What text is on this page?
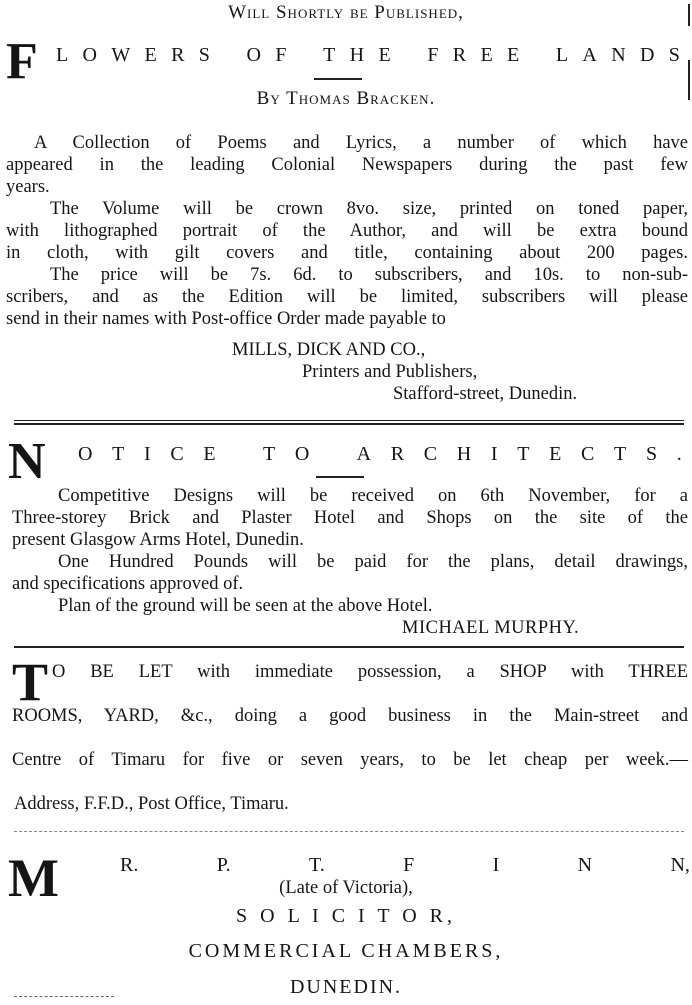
Will Shortly be Published,
F L O W E R S O F T H E F R E E L A N D S
By Thomas Bracken.
A Collection of Poems and Lyrics, a number of which have
appeared in the leading Colonial Newspapers during the past few
years.
The Volume will be crown 8vo. size, printed on toned paper,
with lithographed portrait of the Author, and will be extra bound
in cloth, with gilt covers and title, containing about 200 pages.
The price will be 7s. 6d. to subscribers, and 10s. to non-sub-
scribers, and as the Edition will be limited, subscribers will please
send in their names with Post-office Order made payable to
MILLS, DICK AND CO.,
Printers and Publishers,
Stafford-street, Dunedin.
N O T I C E T O A R C H I T E C T S .
Competitive Designs will be received on 6th November, for a
Three-storey Brick and Plaster Hotel and Shops on the site of the
present Glasgow Arms Hotel, Dunedin.
One Hundred Pounds will be paid for the plans, detail drawings,
and specifications approved of.
Plan of the ground will be seen at the above Hotel.
MICHAEL MURPHY.
T O BE LET with immediate possession, a SHOP with THREE
ROOMS, YARD, &c., doing a good business in the Main-street and
Centre of Timaru for five or seven years, to be let cheap per week.—
Address, F.F.D., Post Office, Timaru.
M	R.	P.	T.	F	I	N	N,
(Late of Victoria),
S O L I C I T O R,
COMMERCIAL CHAMBERS,
DUNEDIN.
